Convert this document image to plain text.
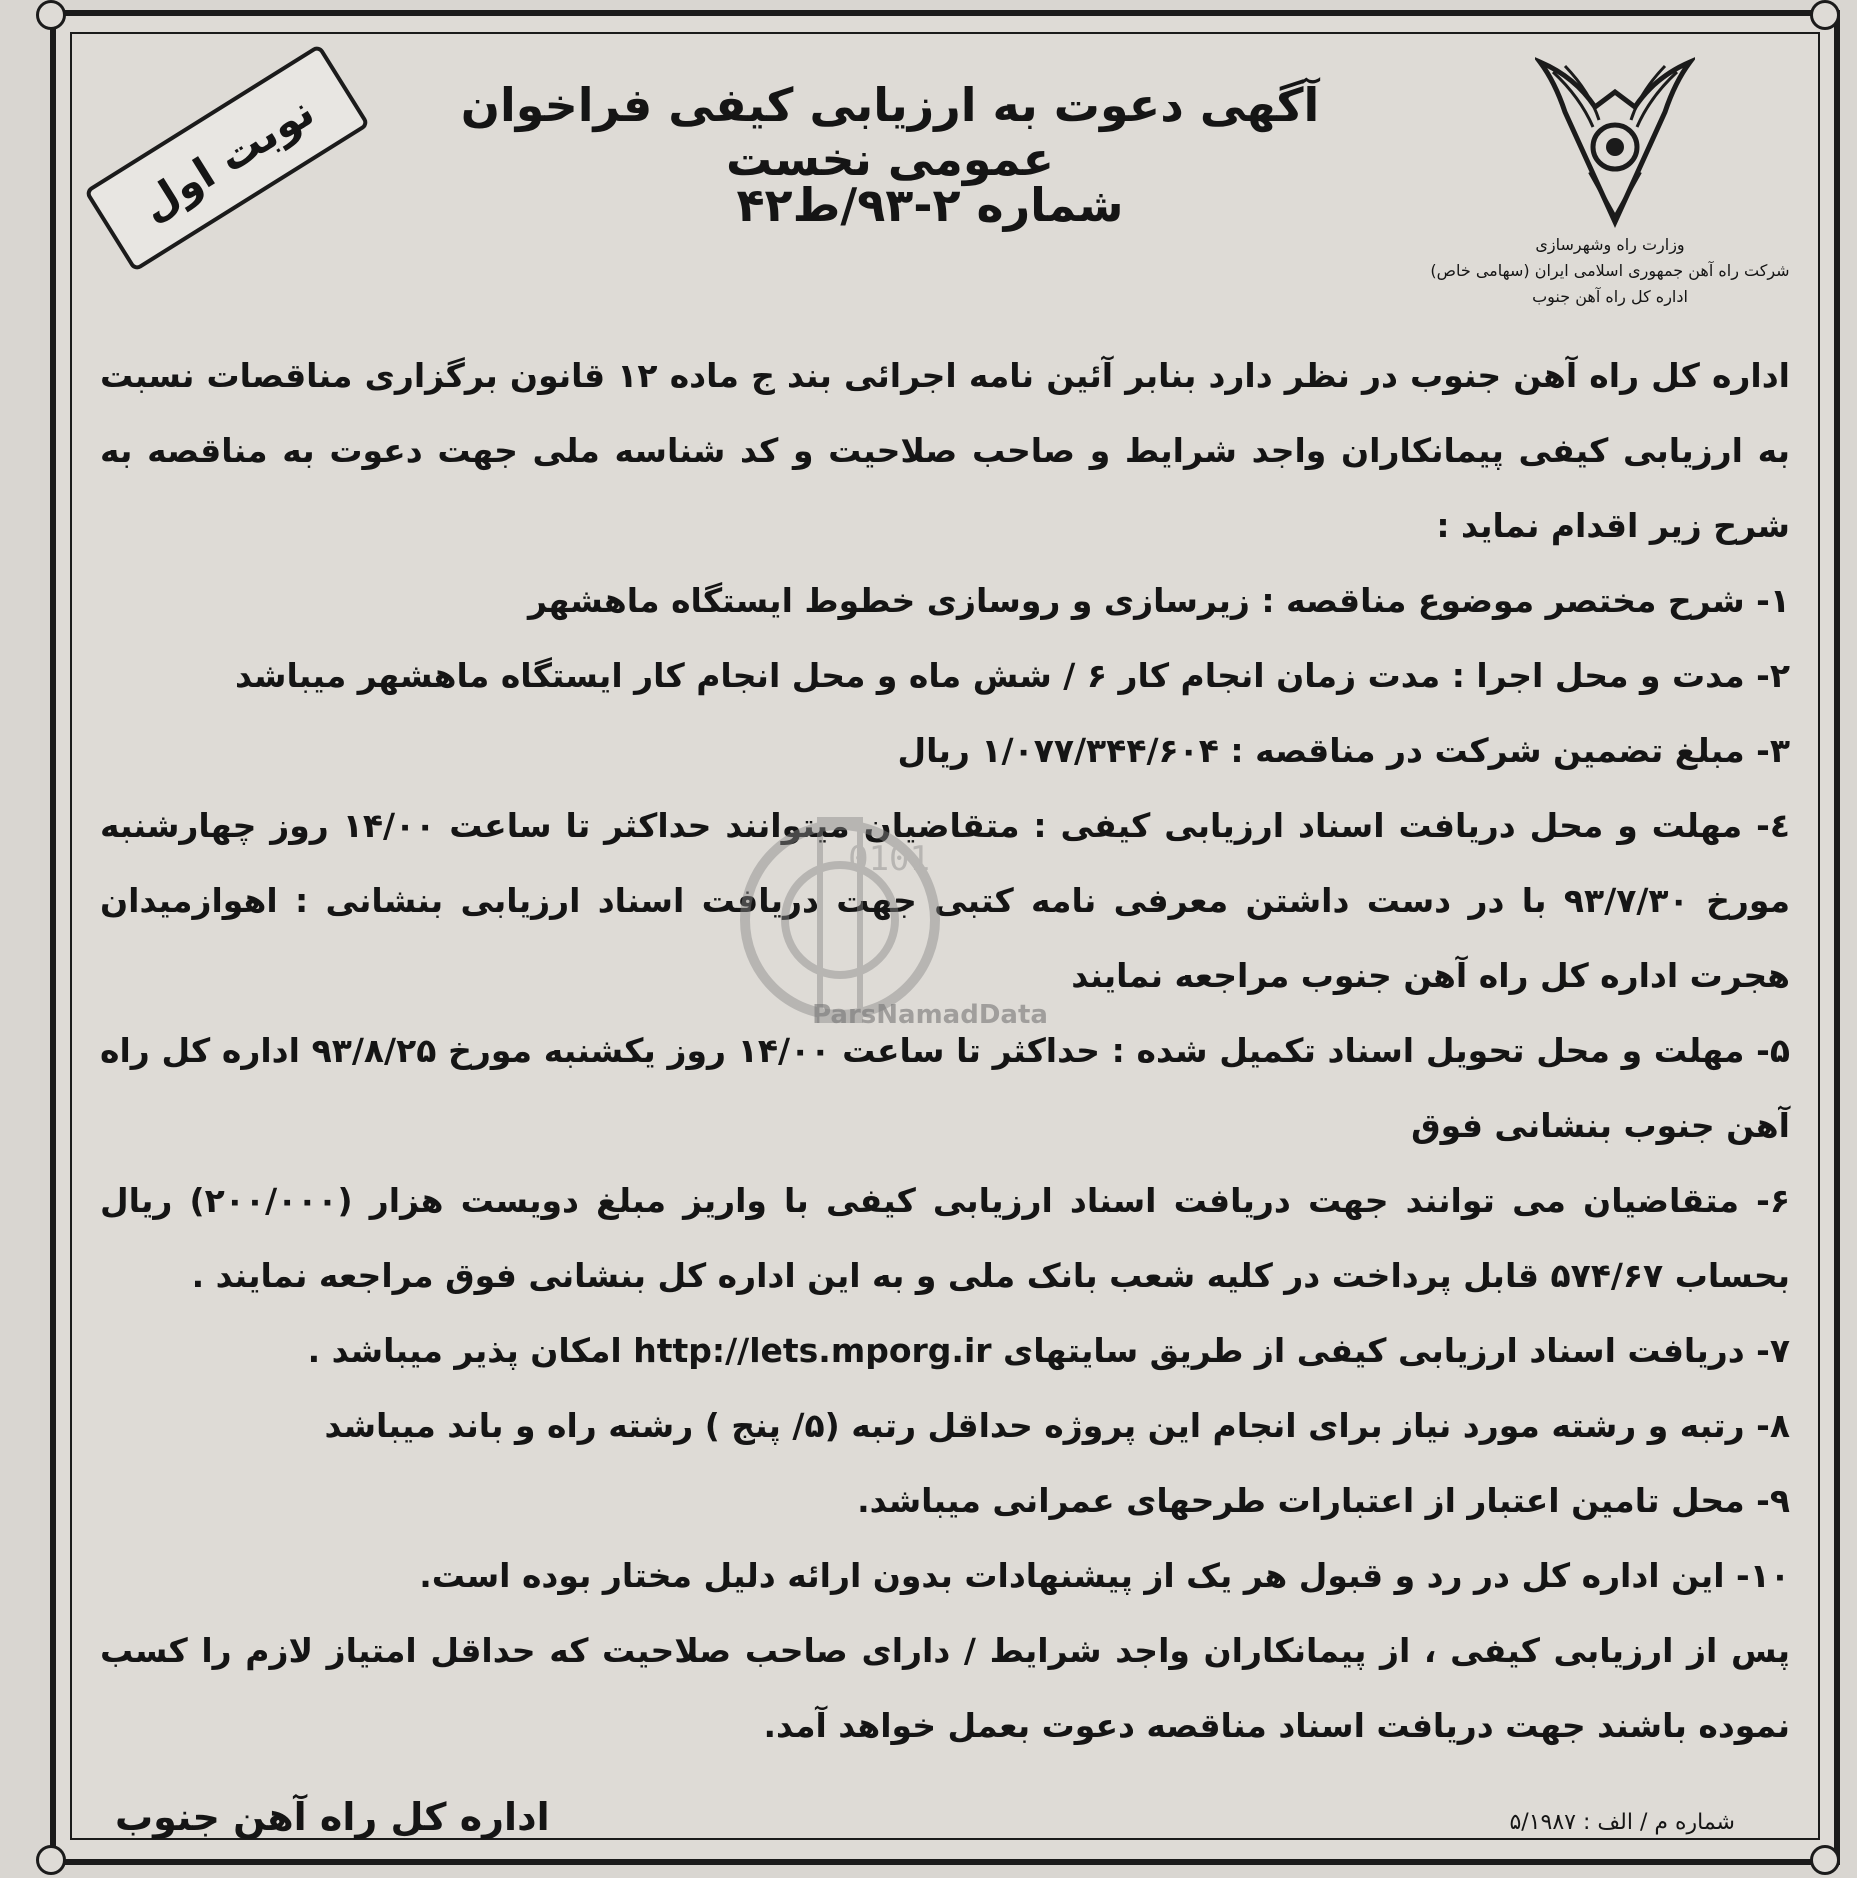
نوبت اول
وزارت راه وشهرسازی
شرکت راه آهن جمهوری اسلامی ایران (سهامی خاص)
اداره کل راه آهن جنوب
آگهی دعوت به ارزیابی کیفی فراخوان عمومی نخست
شماره ۲-۹۳/ط۴۲

اداره کل راه آهن جنوب در نظر دارد بنابر آئین نامه اجرائی بند ج ماده ۱۲ قانون برگزاری مناقصات نسبت به ارزیابی کیفی پیمانکاران واجد شرایط و صاحب صلاحیت و کد شناسه ملی جهت دعوت به مناقصه به شرح زیر اقدام نماید :

۱- شرح مختصر موضوع مناقصه : زیرسازی و روسازی خطوط ایستگاه ماهشهر

۲- مدت و محل اجرا : مدت زمان انجام کار ۶ / شش ماه و محل انجام کار ایستگاه ماهشهر میباشد

۳- مبلغ تضمین شرکت در مناقصه : ۱/۰۷۷/۳۴۴/۶۰۴ ریال

٤- مهلت و محل دریافت اسناد ارزیابی کیفی : متقاضیان میتوانند حداکثر تا ساعت ۱۴/۰۰ روز چهارشنبه مورخ ۹۳/۷/۳۰ با در دست داشتن معرفی نامه کتبی جهت دریافت اسناد ارزیابی بنشانی : اهوازمیدان هجرت اداره کل راه آهن جنوب مراجعه نمایند

۵- مهلت و محل تحویل اسناد تکمیل شده : حداکثر تا ساعت ۱۴/۰۰ روز یکشنبه مورخ ۹۳/۸/۲۵ اداره کل راه آهن جنوب بنشانی فوق

۶- متقاضیان می توانند جهت دریافت اسناد ارزیابی کیفی با واریز مبلغ دویست هزار (۲۰۰/۰۰۰) ریال بحساب ۵۷۴/۶۷ قابل پرداخت در کلیه شعب بانک ملی و به این اداره کل بنشانی فوق مراجعه نمایند .

۷- دریافت اسناد ارزیابی کیفی از طریق سایتهای http://lets.mporg.ir امکان پذیر میباشد .

۸- رتبه و رشته مورد نیاز برای انجام این پروژه حداقل رتبه (۵/ پنج ) رشته راه و باند میباشد

۹- محل تامین اعتبار از اعتبارات طرحهای عمرانی میباشد.

۱۰- این اداره کل در رد و قبول هر یک از پیشنهادات بدون ارائه دلیل مختار بوده است.

پس از ارزیابی کیفی ، از پیمانکاران واجد شرایط / دارای صاحب صلاحیت که حداقل امتیاز لازم را کسب نموده باشند جهت دریافت اسناد مناقصه دعوت بعمل خواهد آمد.

0101
ParsNamadData
اداره کل راه آهن جنوب	شماره م / الف : ۵/۱۹۸۷
